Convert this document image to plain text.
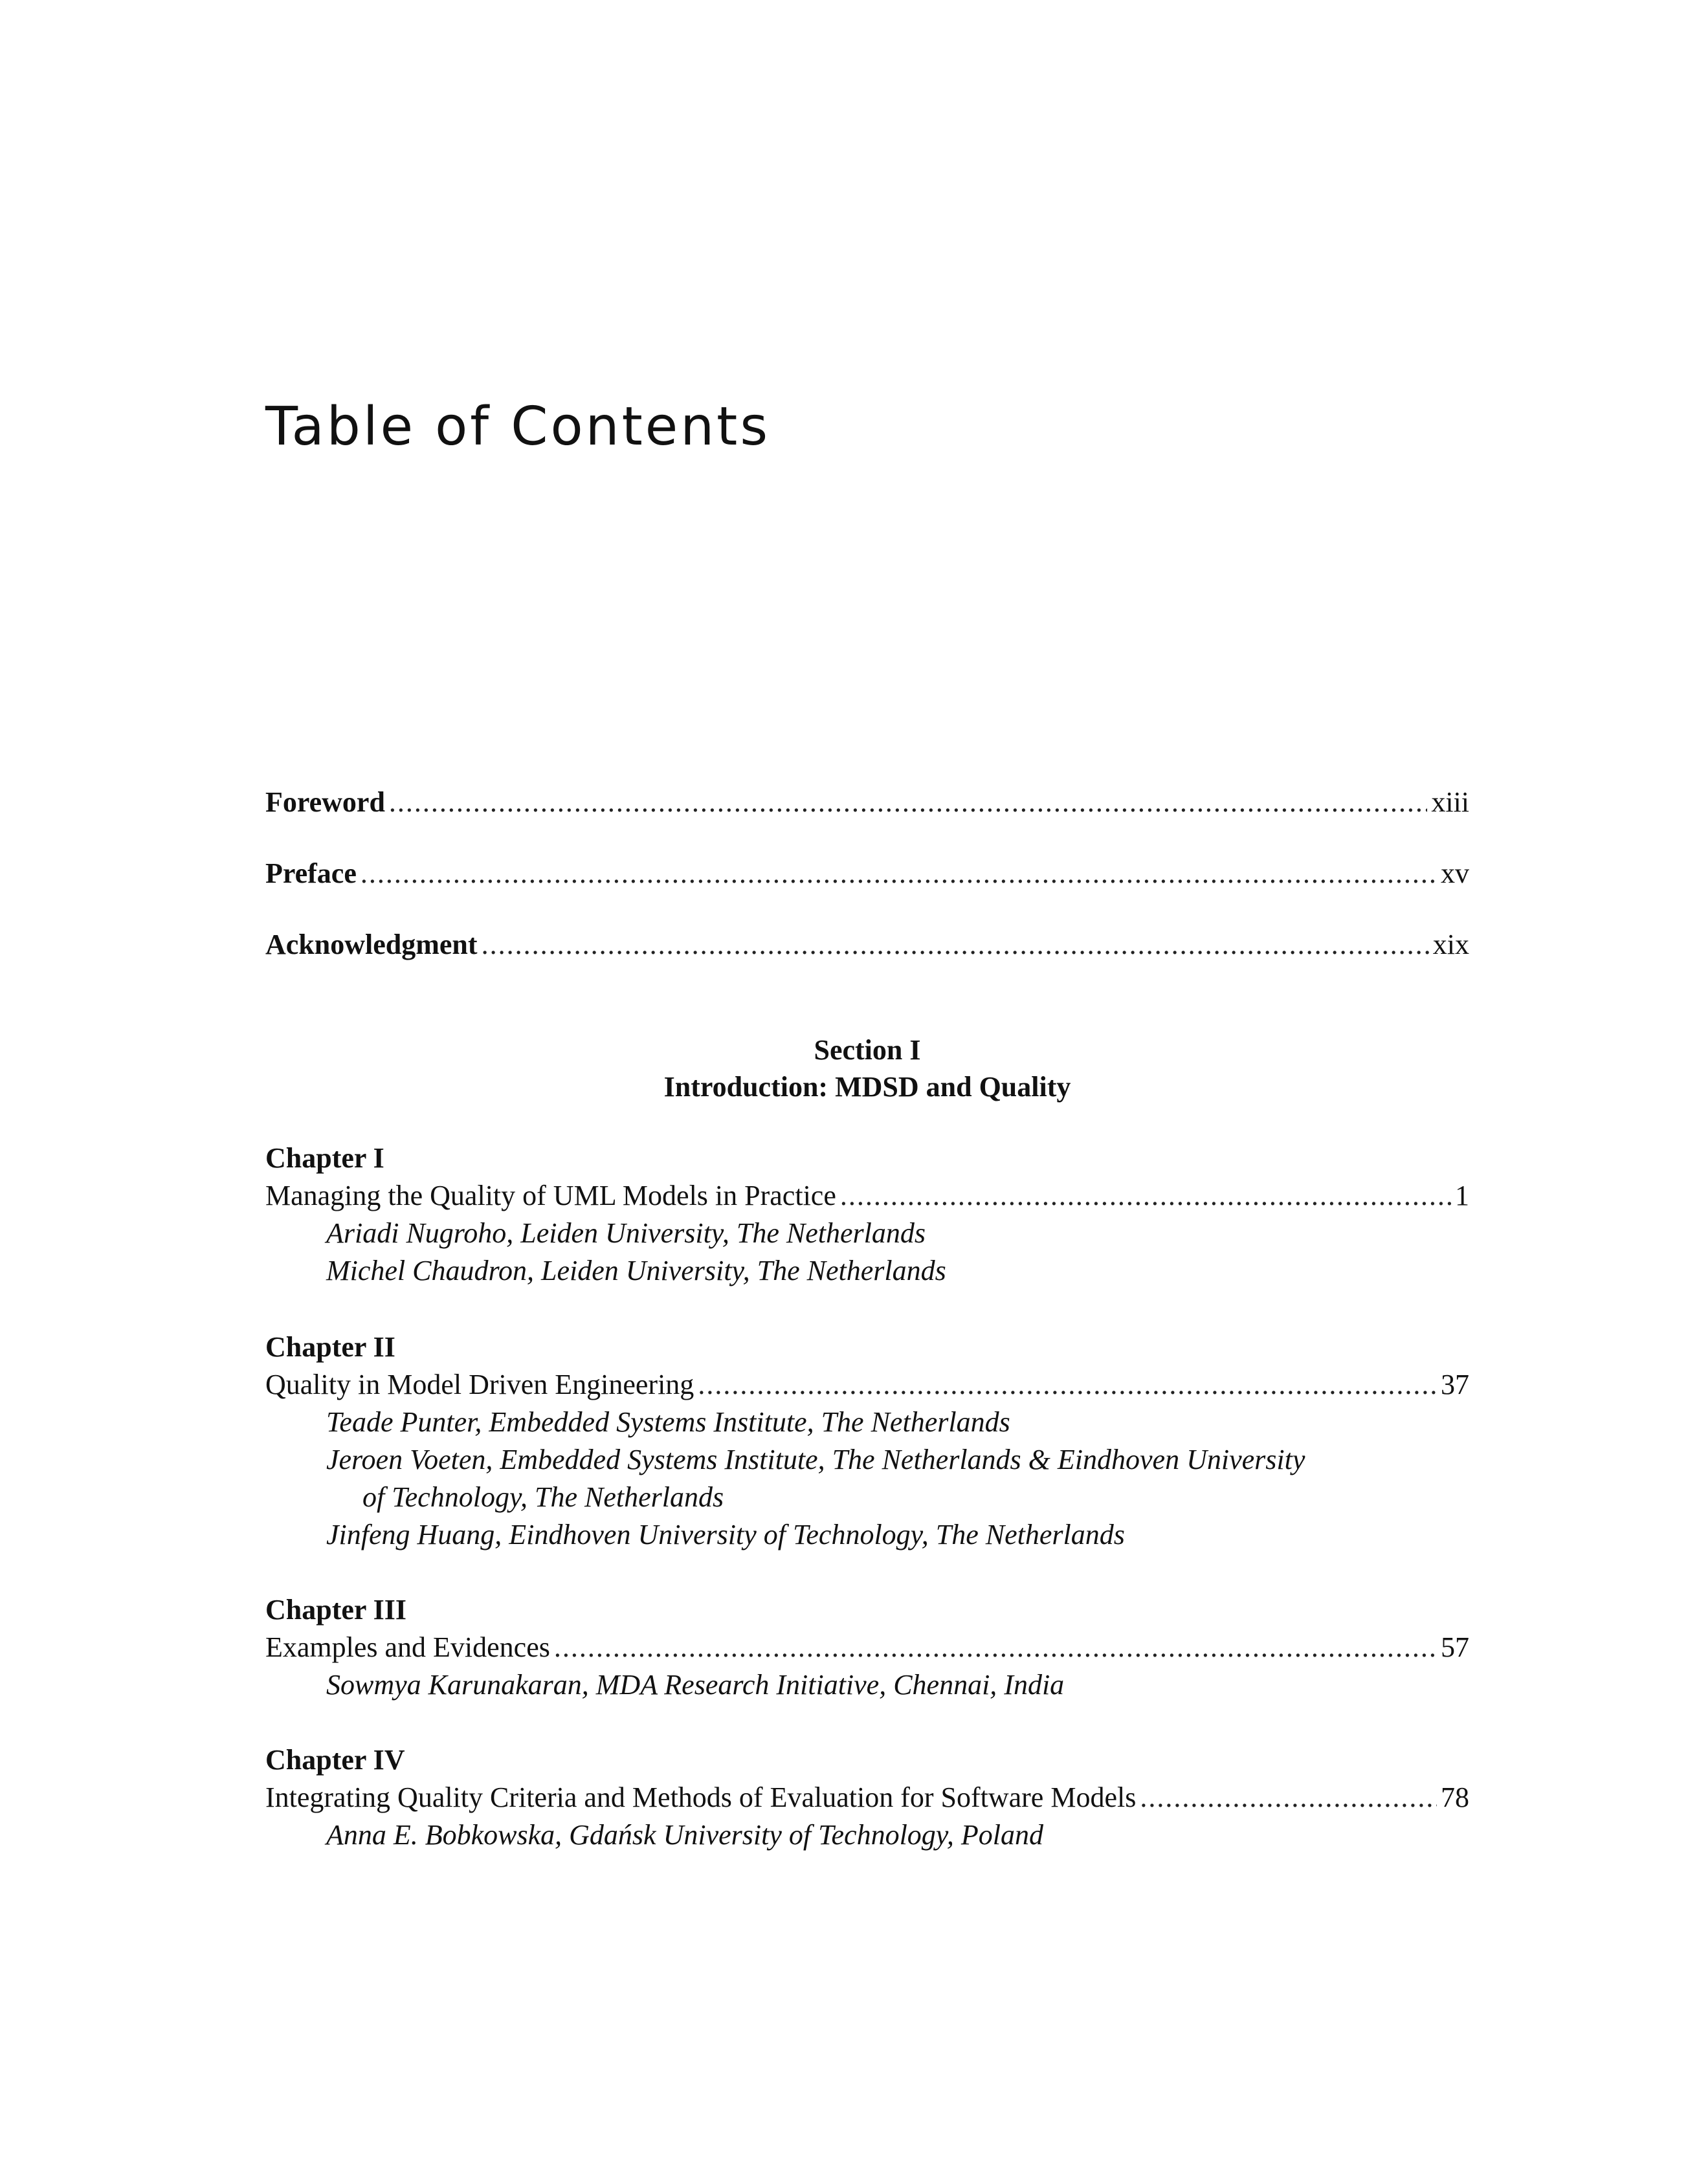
Table of Contents
Foreword .....	xiii
Preface .....	xv
Acknowledgment .....	xix
Section I
Introduction: MDSD and Quality
Chapter I
Managing the Quality of UML Models in Practice .....	1
Ariadi Nugroho, Leiden University, The Netherlands
Michel Chaudron, Leiden University, The Netherlands
Chapter II
Quality in Model Driven Engineering .....	37
Teade Punter, Embedded Systems Institute, The Netherlands
Jeroen Voeten, Embedded Systems Institute, The Netherlands & Eindhoven University
of Technology, The Netherlands
Jinfeng Huang, Eindhoven University of Technology, The Netherlands
Chapter III
Examples and Evidences .....	57
Sowmya Karunakaran, MDA Research Initiative, Chennai, India
Chapter IV
Integrating Quality Criteria and Methods of Evaluation for Software Models .....	78
Anna E. Bobkowska, Gdańsk University of Technology, Poland
